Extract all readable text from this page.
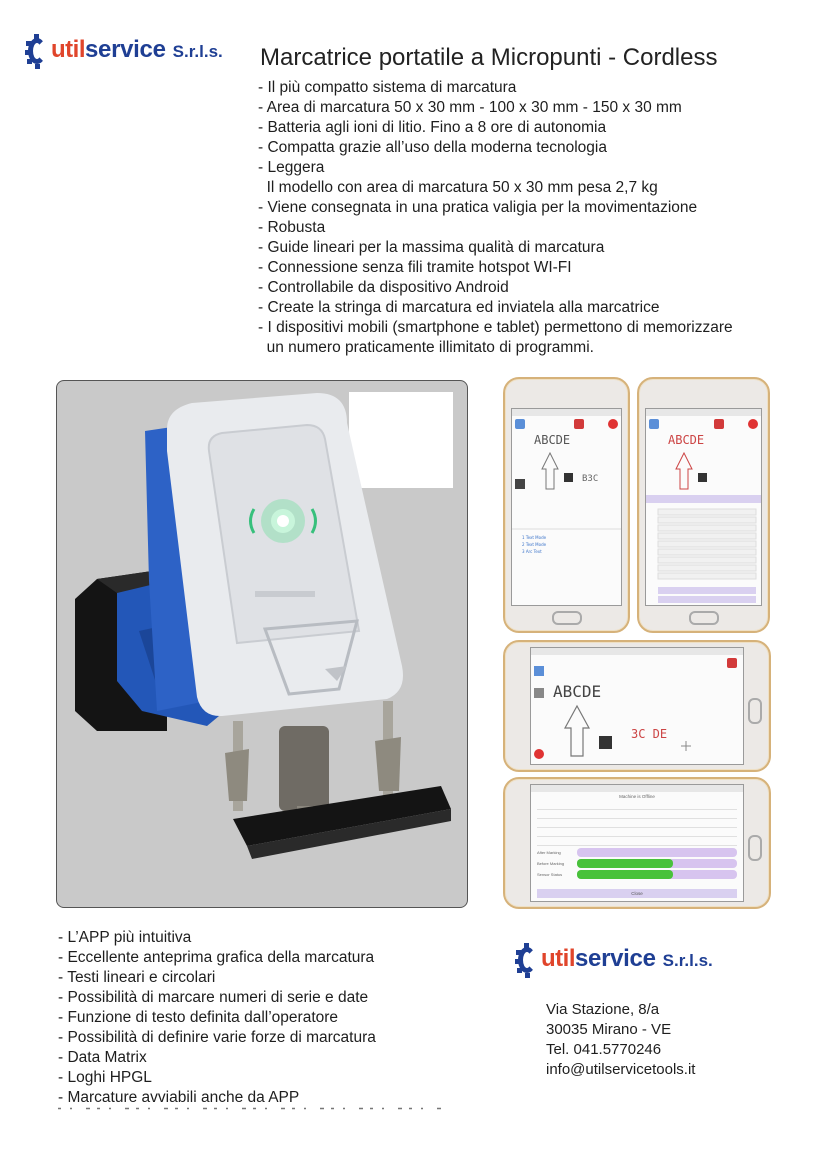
util service S.r.l.s. Marcatrice portatile a Micropunti - Cordless
- Il più compatto sistema di marcatura
- Area di marcatura 50 x 30 mm - 100 x 30 mm - 150 x 30 mm
- Batteria agli ioni di litio. Fino a 8 ore di autonomia
- Compatta grazie all’uso della moderna tecnologia
- Leggera
Il modello con area di marcatura 50 x 30 mm pesa 2,7 kg
- Viene consegnata in una pratica valigia per la movimentazione
- Robusta
- Guide lineari per la massima qualità di marcatura
- Connessione senza fili tramite hotspot WI-FI
- Controllabile da dispositivo Android
- Create la stringa di marcatura ed inviatela alla marcatrice
- I dispositivi mobili (smartphone e tablet) permettono di memorizzare
un numero praticamente illimitato di programmi.
ABCDE
B3C
1 Text Mode
2 Text Mode
3 Arc Text
ABCDE
ABCDE
3C DE
Machine is Offline
After Marking
Before Marking
Sensor Status
Close
- L’APP più intuitiva
- Eccellente anteprima grafica della marcatura
- Testi lineari e circolari
- Possibilità di marcare numeri di serie e date
- Funzione di testo definita dall’operatore
- Possibilità di definire varie forze di marcatura
- Data Matrix
- Loghi HPGL
- Marcature avviabili anche da APP
util service S.r.l.s.
Via Stazione, 8/a
30035 Mirano - VE
Tel. 041.5770246
info@utilservicetools.it
